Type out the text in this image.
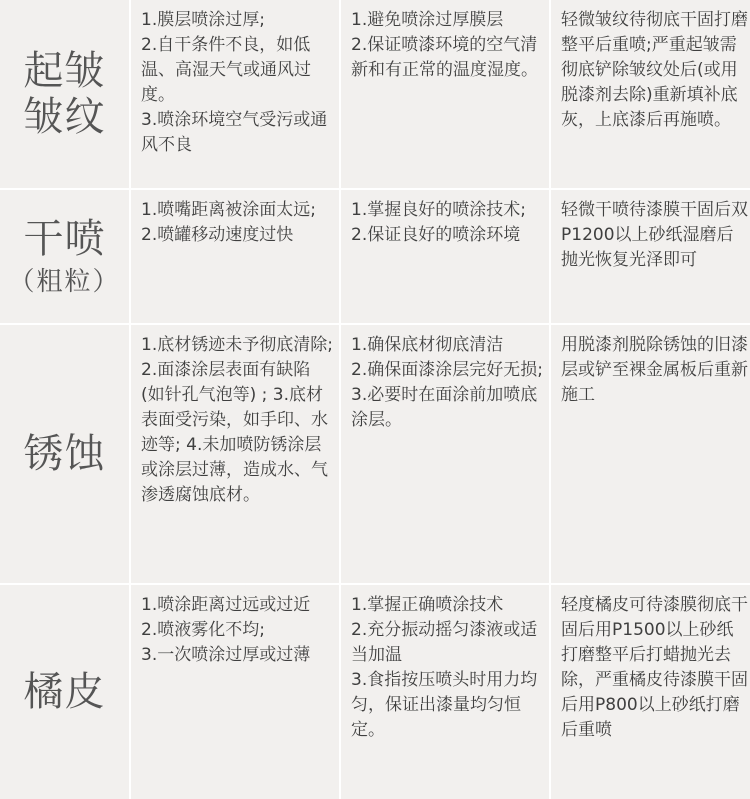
起皱
皱纹
1.膜层喷涂过厚;
2.自干条件不良，如低温、高湿天气或通风过度。
3.喷涂环境空气受污或通风不良
1.避免喷涂过厚膜层
2.保证喷漆环境的空气清新和有正常的温度湿度。
轻微皱纹待彻底干固打磨整平后重喷;严重起皱需彻底铲除皱纹处后(或用脱漆剂去除)重新填补底灰，上底漆后再施喷。
干喷
（粗粒）
1.喷嘴距离被涂面太远;
2.喷罐移动速度过快
1.掌握良好的喷涂技术;
2.保证良好的喷涂环境
轻微干喷待漆膜干固后双P1200以上砂纸湿磨后抛光恢复光泽即可
锈蚀
1.底材锈迹未予彻底清除; 2.面漆涂层表面有缺陷(如针孔气泡等) ; 3.底材表面受污染，如手印、水迹等; 4.未加喷防锈涂层或涂层过薄，造成水、气渗透腐蚀底材。
1.确保底材彻底清洁
2.确保面漆涂层完好无损;
3.必要时在面涂前加喷底涂层。
用脱漆剂脱除锈蚀的旧漆层或铲至裸金属板后重新施工
橘皮
1.喷涂距离过远或过近
2.喷液雾化不均;
3.一次喷涂过厚或过薄
1.掌握正确喷涂技术
2.充分振动摇匀漆液或适当加温
3.食指按压喷头时用力均匀，保证出漆量均匀恒定。
轻度橘皮可待漆膜彻底干固后用P1500以上砂纸打磨整平后打蜡抛光去除，严重橘皮待漆膜干固后用P800以上砂纸打磨后重喷
